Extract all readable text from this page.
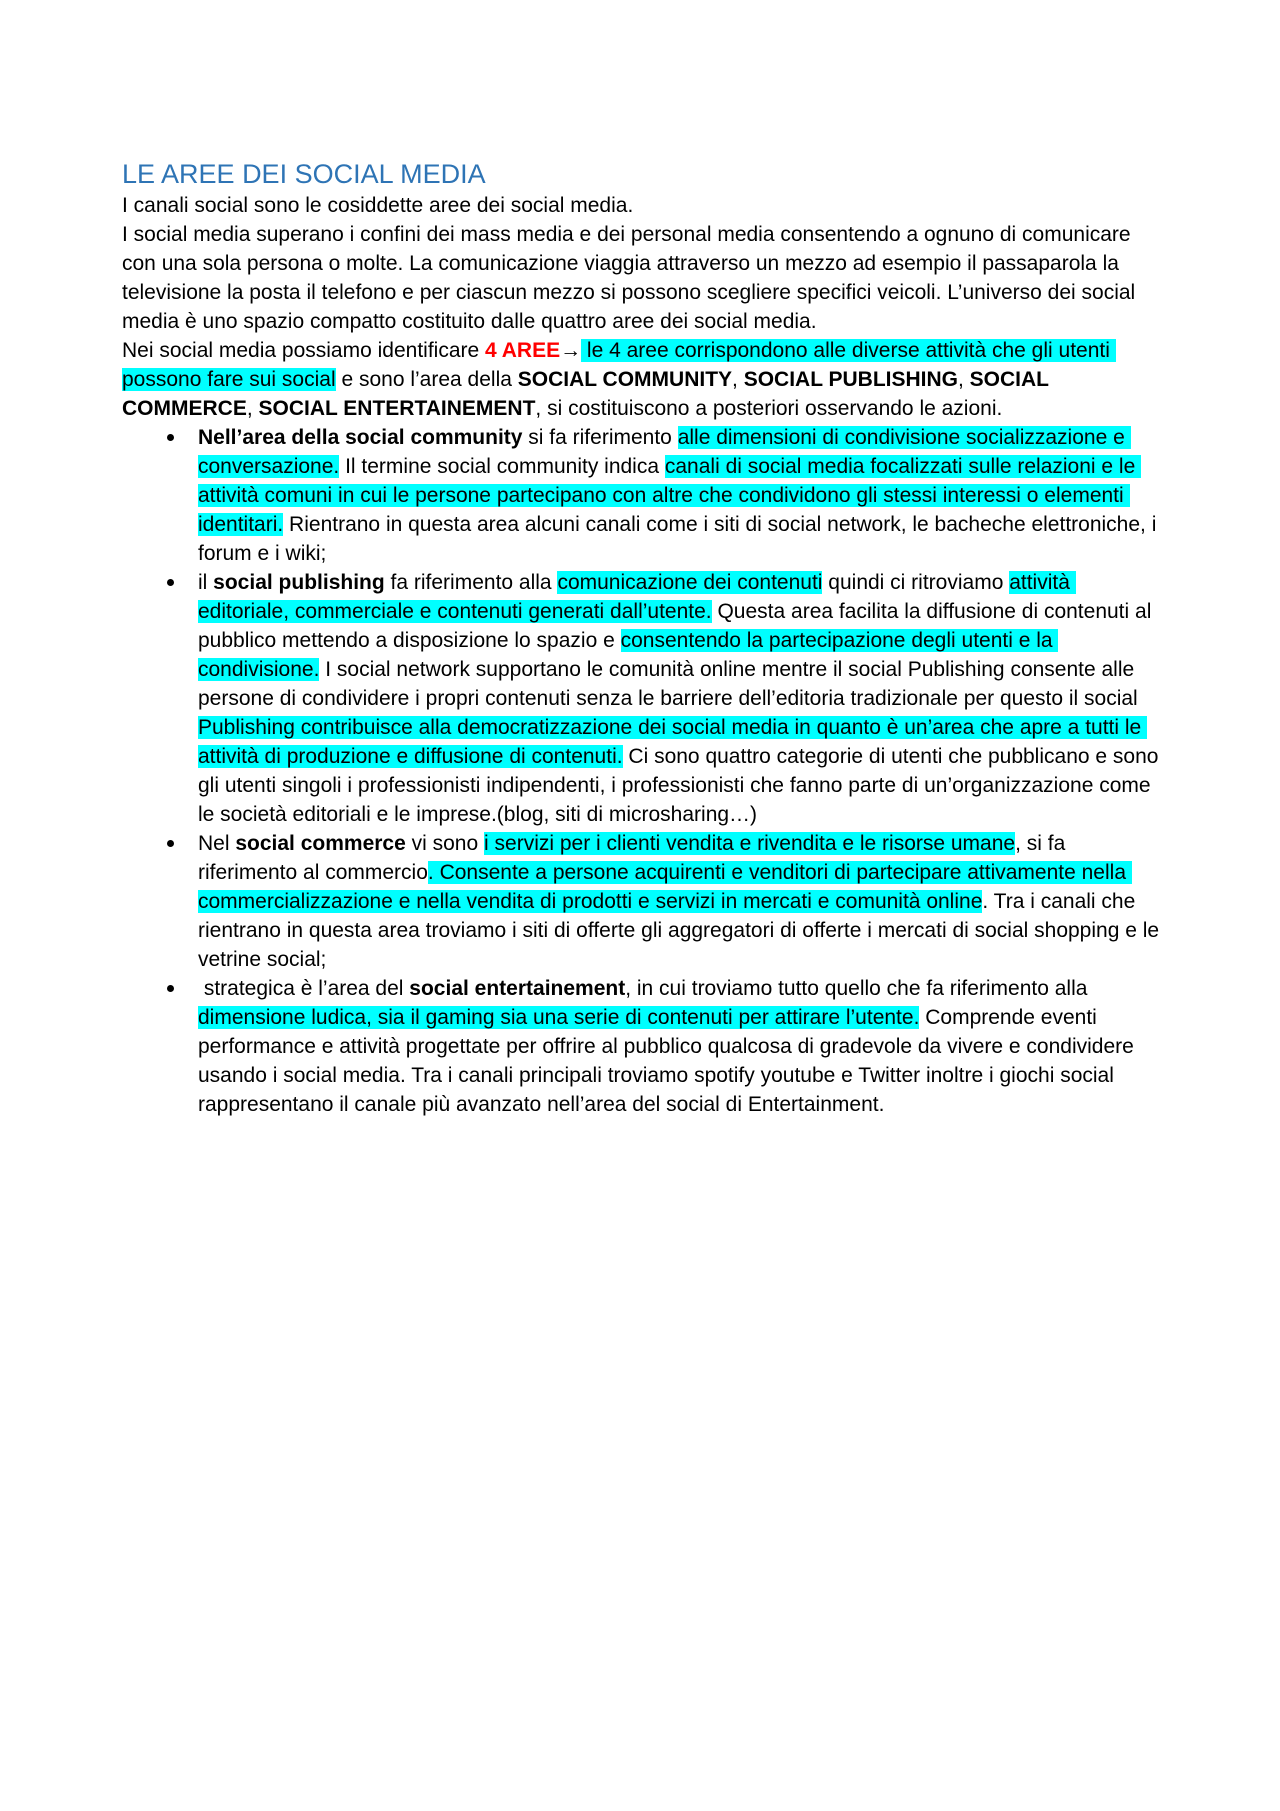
LE AREE DEI SOCIAL MEDIA

I canali social sono le cosiddette aree dei social media.

I social media superano i confini dei mass media e dei personal media consentendo a ognuno di comunicare con una sola persona o molte. La comunicazione viaggia attraverso un mezzo ad esempio il passaparola la televisione la posta il telefono e per ciascun mezzo si possono scegliere specifici veicoli. L’universo dei social media è uno spazio compatto costituito dalle quattro aree dei social media.

Nei social media possiamo identificare 4 AREE→ le 4 aree corrispondono alle diverse attività che gli utenti possono fare sui social e sono l’area della SOCIAL COMMUNITY, SOCIAL PUBLISHING, SOCIAL COMMERCE, SOCIAL ENTERTAINEMENT, si costituiscono a posteriori osservando le azioni.

Nell’area della social community si fa riferimento alle dimensioni di condivisione socializzazione e conversazione. Il termine social community indica canali di social media focalizzati sulle relazioni e le attività comuni in cui le persone partecipano con altre che condividono gli stessi interessi o elementi identitari. Rientrano in questa area alcuni canali come i siti di social network, le bacheche elettroniche, i forum e i wiki;
il social publishing fa riferimento alla comunicazione dei contenuti quindi ci ritroviamo attività editoriale, commerciale e contenuti generati dall’utente. Questa area facilita la diffusione di contenuti al pubblico mettendo a disposizione lo spazio e consentendo la partecipazione degli utenti e la condivisione. I social network supportano le comunità online mentre il social Publishing consente alle persone di condividere i propri contenuti senza le barriere dell’editoria tradizionale per questo il social Publishing contribuisce alla democratizzazione dei social media in quanto è un’area che apre a tutti le attività di produzione e diffusione di contenuti. Ci sono quattro categorie di utenti che pubblicano e sono gli utenti singoli i professionisti indipendenti, i professionisti che fanno parte di un’organizzazione come le società editoriali e le imprese.(blog, siti di microsharing…)
Nel social commerce vi sono i servizi per i clienti vendita e rivendita e le risorse umane, si fa riferimento al commercio. Consente a persone acquirenti e venditori di partecipare attivamente nella commercializzazione e nella vendita di prodotti e servizi in mercati e comunità online. Tra i canali che rientrano in questa area troviamo i siti di offerte gli aggregatori di offerte i mercati di social shopping e le vetrine social;
strategica è l’area del social entertainement, in cui troviamo tutto quello che fa riferimento alla dimensione ludica, sia il gaming sia una serie di contenuti per attirare l’utente. Comprende eventi performance e attività progettate per offrire al pubblico qualcosa di gradevole da vivere e condividere usando i social media. Tra i canali principali troviamo spotify youtube e Twitter inoltre i giochi social rappresentano il canale più avanzato nell’area del social di Entertainment.
